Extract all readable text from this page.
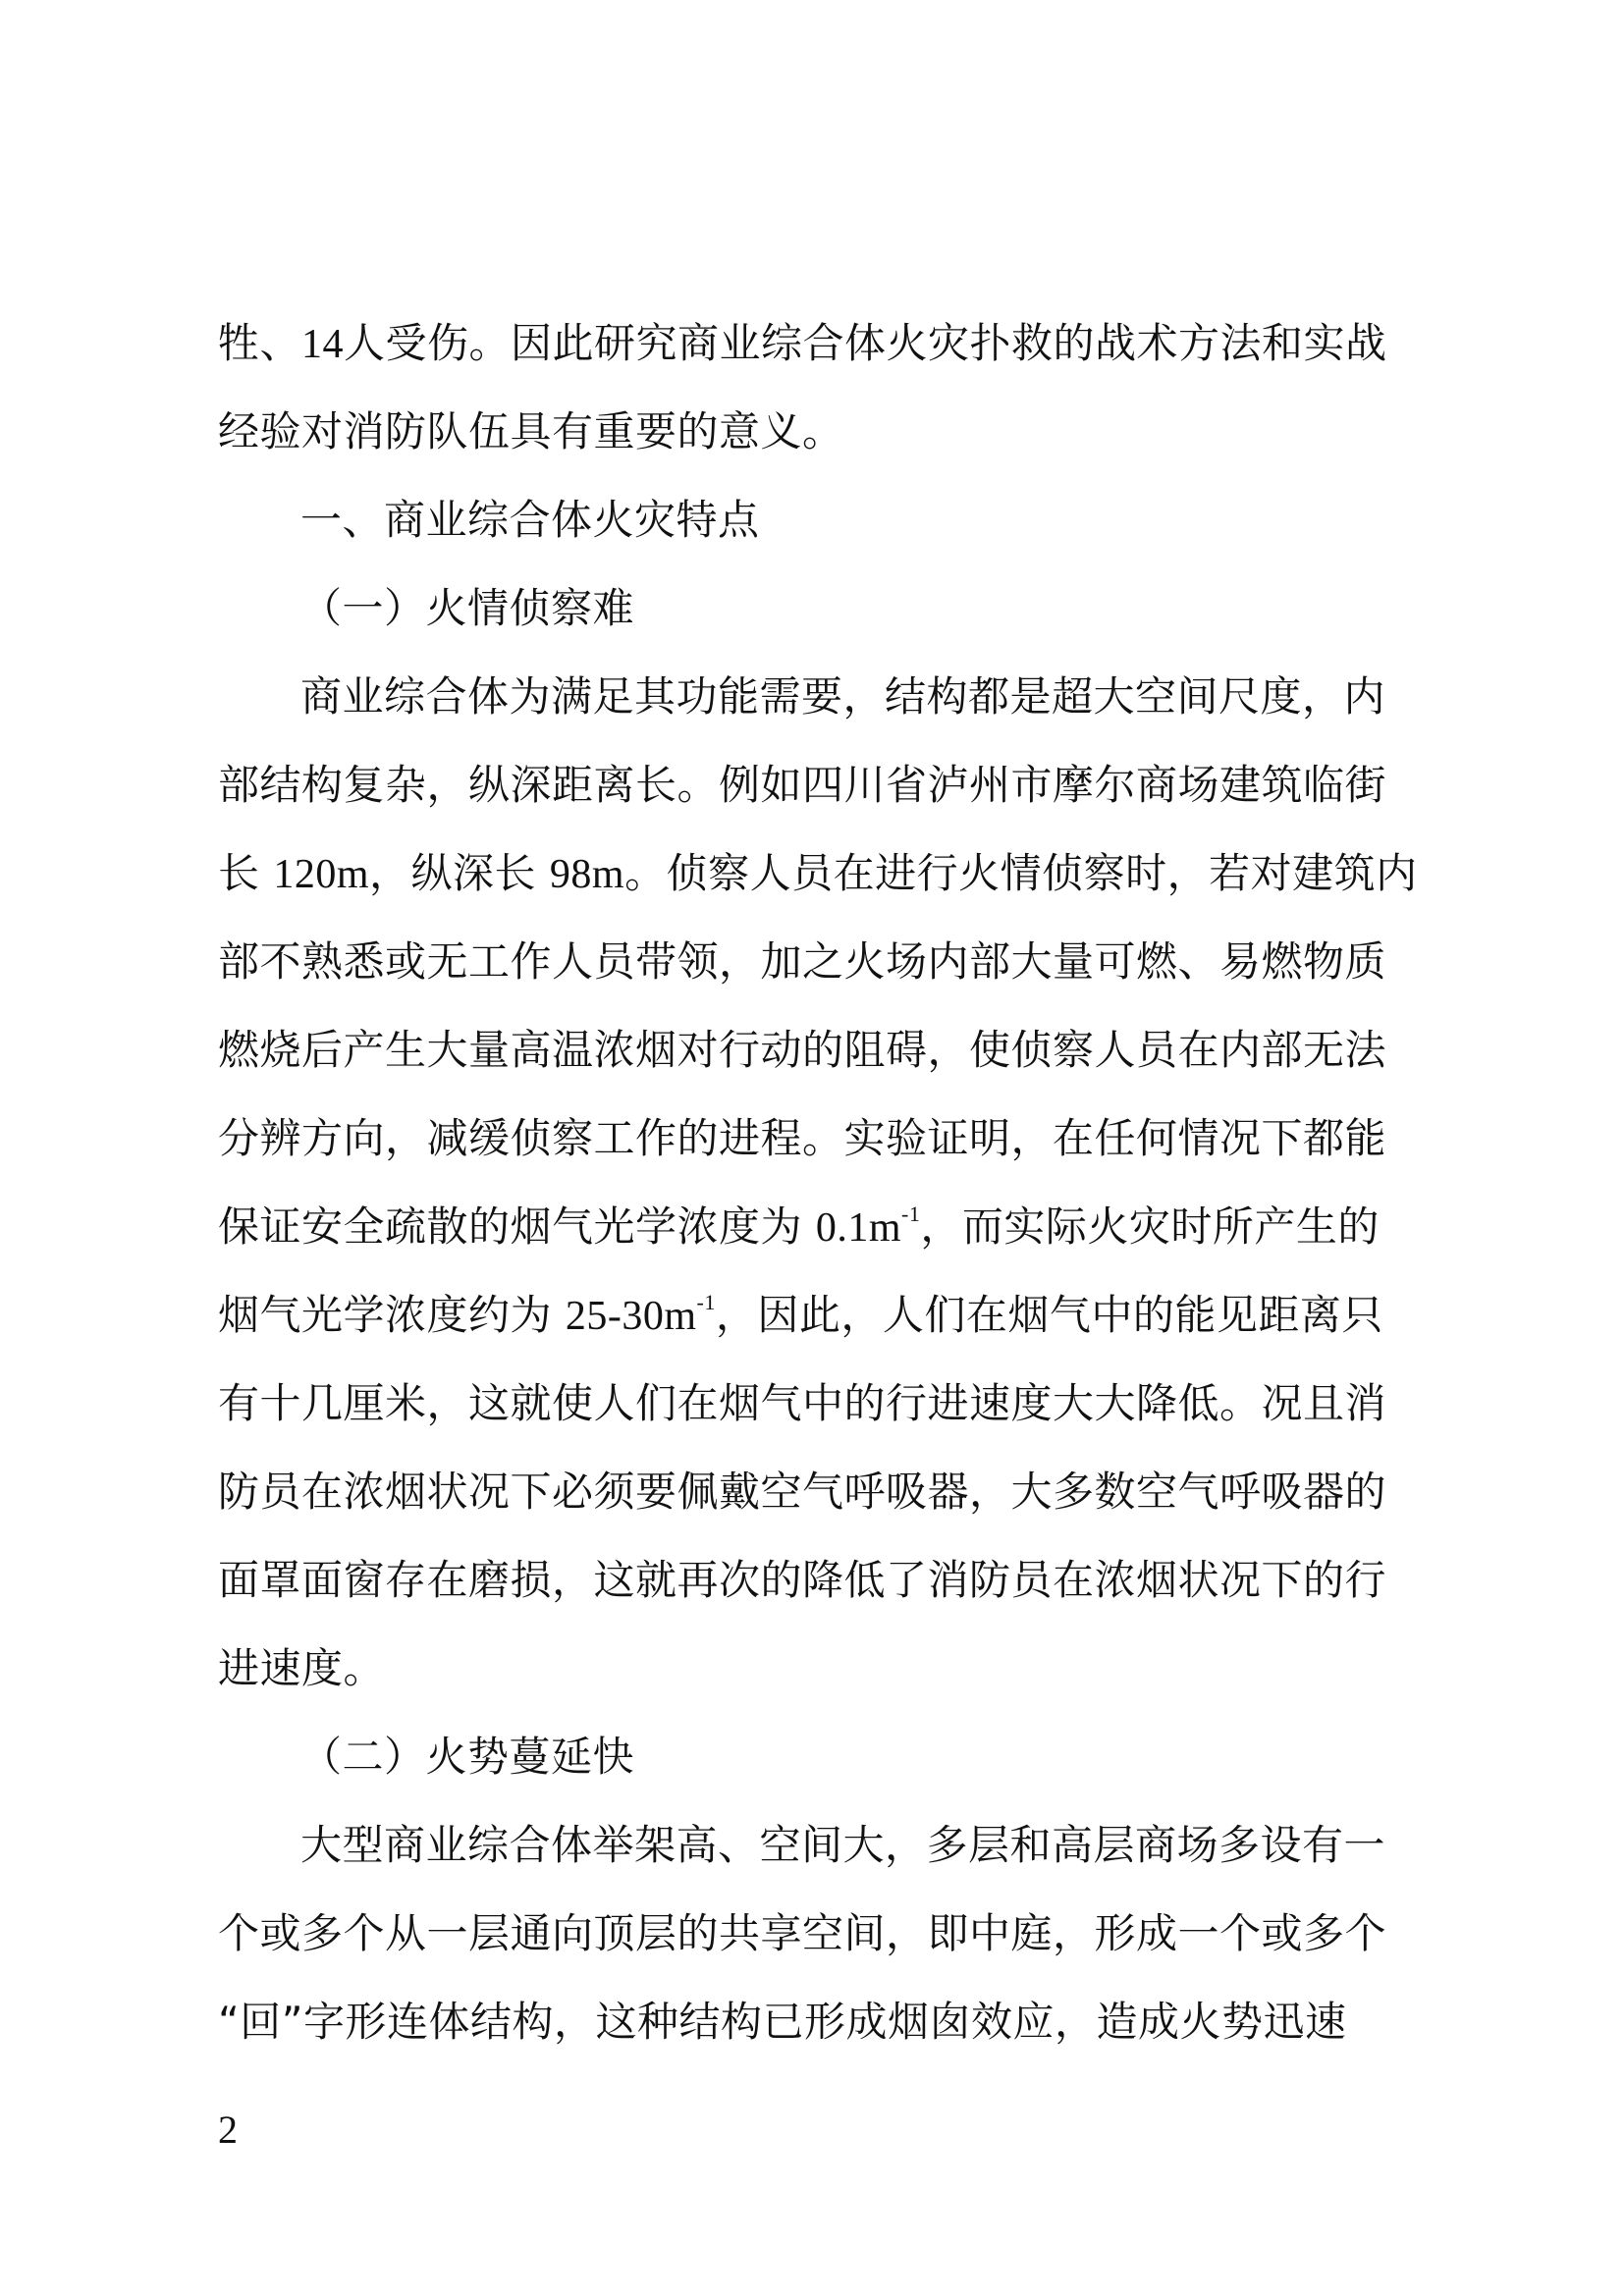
牲、14人受伤。因此研究商业综合体火灾扑救的战术方法和实战
经验对消防队伍具有重要的意义。
一、商业综合体火灾特点
（一）火情侦察难
商业综合体为满足其功能需要，结构都是超大空间尺度，内
部结构复杂，纵深距离长。例如四川省泸州市摩尔商场建筑临街
长 120m，纵深长 98m。侦察人员在进行火情侦察时，若对建筑内
部不熟悉或无工作人员带领，加之火场内部大量可燃、易燃物质
燃烧后产生大量高温浓烟对行动的阻碍，使侦察人员在内部无法
分辨方向，减缓侦察工作的进程。实验证明，在任何情况下都能
保证安全疏散的烟气光学浓度为 $0.1m^{-1}$，而实际火灾时所产生的
烟气光学浓度约为 $25-30m^{-1}$，因此，人们在烟气中的能见距离只
有十几厘米，这就使人们在烟气中的行进速度大大降低。况且消
防员在浓烟状况下必须要佩戴空气呼吸器，大多数空气呼吸器的
面罩面窗存在磨损，这就再次的降低了消防员在浓烟状况下的行
进速度。
（二）火势蔓延快
大型商业综合体举架高、空间大，多层和高层商场多设有一
个或多个从一层通向顶层的共享空间，即中庭，形成一个或多个
“回”字形连体结构，这种结构已形成烟囱效应，造成火势迅速
2
